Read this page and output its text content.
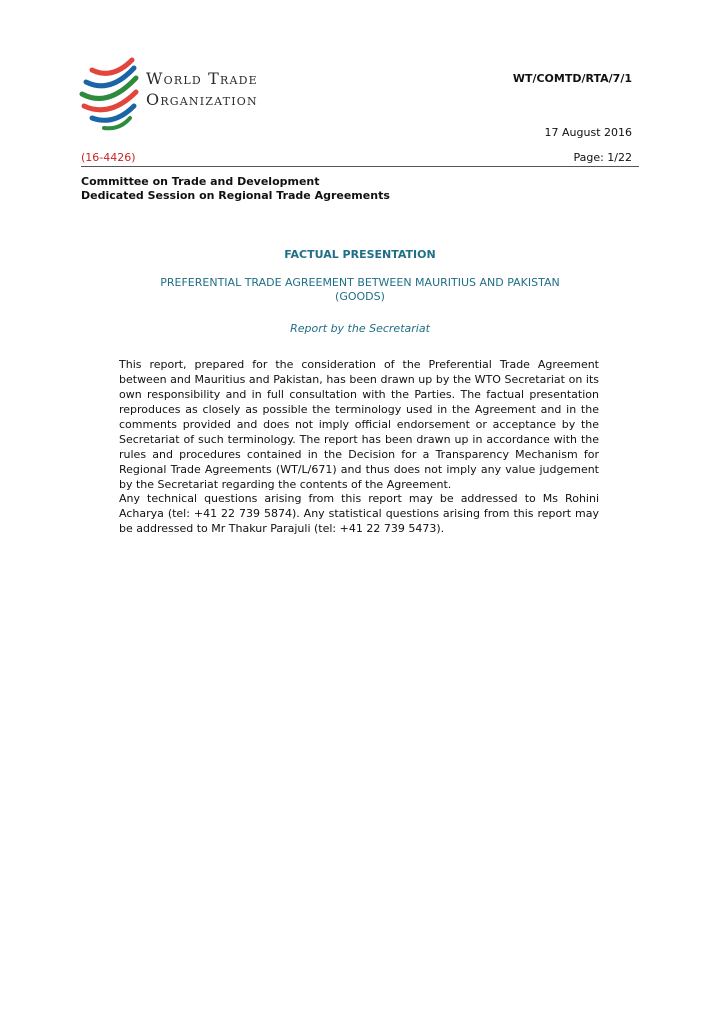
World Trade
Organization
WT/COMTD/RTA/7/1
17 August 2016
(16-4426)	Page: 1/22
Committee on Trade and Development
Dedicated Session on Regional Trade Agreements
FACTUAL PRESENTATION
PREFERENTIAL TRADE AGREEMENT BETWEEN MAURITIUS AND PAKISTAN
(GOODS)
Report by the Secretariat

This report, prepared for the consideration of the Preferential Trade Agreement between and Mauritius and Pakistan, has been drawn up by the WTO Secretariat on its own responsibility and in full consultation with the Parties. The factual presentation reproduces as closely as possible the terminology used in the Agreement and in the comments provided and does not imply official endorsement or acceptance by the Secretariat of such terminology. The report has been drawn up in accordance with the rules and procedures contained in the Decision for a Transparency Mechanism for Regional Trade Agreements (WT/L/671) and thus does not imply any value judgement by the Secretariat regarding the contents of the Agreement.

Any technical questions arising from this report may be addressed to Ms Rohini Acharya (tel: +41 22 739 5874). Any statistical questions arising from this report may be addressed to Mr Thakur Parajuli (tel: +41 22 739 5473).
